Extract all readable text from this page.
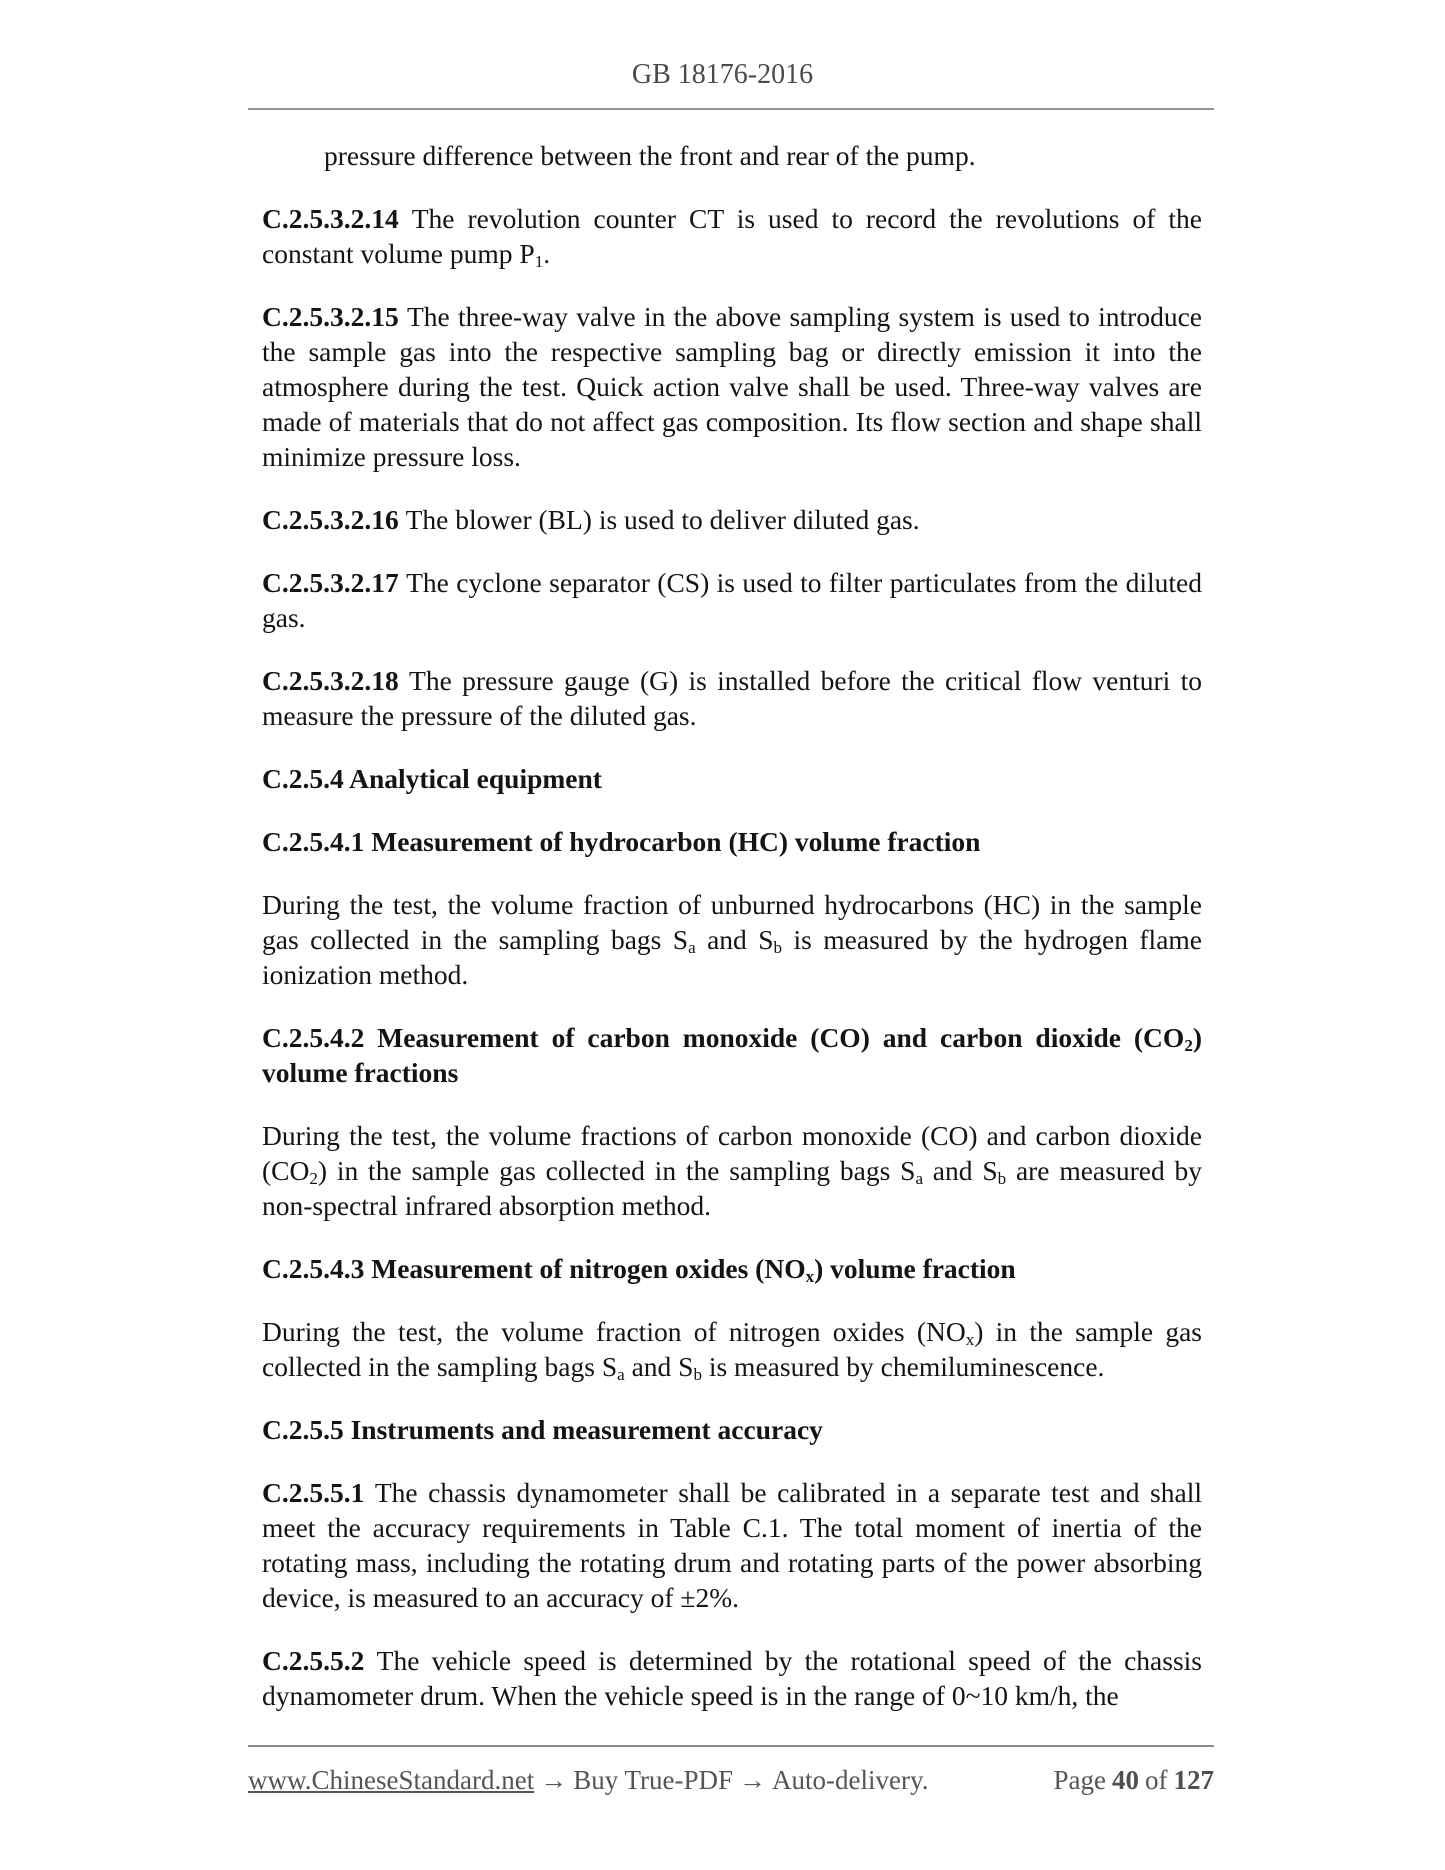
GB 18176-2016

pressure difference between the front and rear of the pump.

C.2.5.3.2.14 The revolution counter CT is used to record the revolutions of the constant volume pump P1.

C.2.5.3.2.15 The three-way valve in the above sampling system is used to introduce the sample gas into the respective sampling bag or directly emission it into the atmosphere during the test. Quick action valve shall be used. Three-way valves are made of materials that do not affect gas composition. Its flow section and shape shall minimize pressure loss.

C.2.5.3.2.16 The blower (BL) is used to deliver diluted gas.

C.2.5.3.2.17 The cyclone separator (CS) is used to filter particulates from the diluted gas.

C.2.5.3.2.18 The pressure gauge (G) is installed before the critical flow venturi to measure the pressure of the diluted gas.

C.2.5.4 Analytical equipment

C.2.5.4.1 Measurement of hydrocarbon (HC) volume fraction

During the test, the volume fraction of unburned hydrocarbons (HC) in the sample gas collected in the sampling bags Sa and Sb is measured by the hydrogen flame ionization method.

C.2.5.4.2 Measurement of carbon monoxide (CO) and carbon dioxide (CO2) volume fractions

During the test, the volume fractions of carbon monoxide (CO) and carbon dioxide (CO2) in the sample gas collected in the sampling bags Sa and Sb are measured by non-spectral infrared absorption method.

C.2.5.4.3 Measurement of nitrogen oxides (NOx) volume fraction

During the test, the volume fraction of nitrogen oxides (NOx) in the sample gas collected in the sampling bags Sa and Sb is measured by chemiluminescence.

C.2.5.5 Instruments and measurement accuracy

C.2.5.5.1 The chassis dynamometer shall be calibrated in a separate test and shall meet the accuracy requirements in Table C.1. The total moment of inertia of the rotating mass, including the rotating drum and rotating parts of the power absorbing device, is measured to an accuracy of ±2%.

C.2.5.5.2 The vehicle speed is determined by the rotational speed of the chassis dynamometer drum. When the vehicle speed is in the range of 0~10 km/h, the

www.ChineseStandard.net → Buy True-PDF → Auto-delivery.	Page 40 of 127
